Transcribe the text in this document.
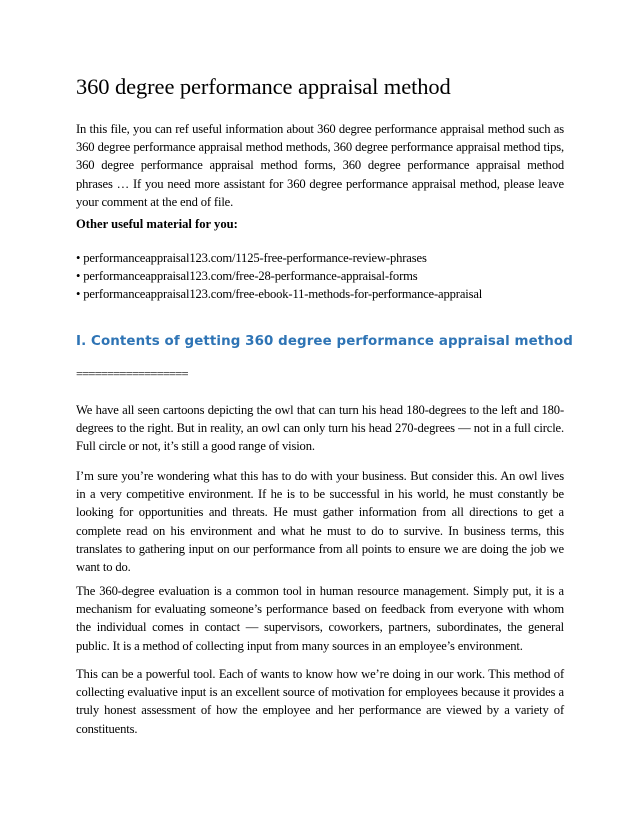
360 degree performance appraisal method

In this file, you can ref useful information about 360 degree performance appraisal method such as 360 degree performance appraisal method methods, 360 degree performance appraisal method tips, 360 degree performance appraisal method forms, 360 degree performance appraisal method phrases … If you need more assistant for 360 degree performance appraisal method, please leave your comment at the end of file.

Other useful material for you:

• performanceappraisal123.com/1125-free-performance-review-phrases
• performanceappraisal123.com/free-28-performance-appraisal-forms
• performanceappraisal123.com/free-ebook-11-methods-for-performance-appraisal
I. Contents of getting 360 degree performance appraisal method

==================

We have all seen cartoons depicting the owl that can turn his head 180-degrees to the left and 180-degrees to the right. But in reality, an owl can only turn his head 270-degrees — not in a full circle. Full circle or not, it’s still a good range of vision.

I’m sure you’re wondering what this has to do with your business. But consider this. An owl lives in a very competitive environment. If he is to be successful in his world, he must constantly be looking for opportunities and threats. He must gather information from all directions to get a complete read on his environment and what he must to do to survive. In business terms, this translates to gathering input on our performance from all points to ensure we are doing the job we want to do.

The 360-degree evaluation is a common tool in human resource management. Simply put, it is a mechanism for evaluating someone’s performance based on feedback from everyone with whom the individual comes in contact — supervisors, coworkers, partners, subordinates, the general public. It is a method of collecting input from many sources in an employee’s environment.

This can be a powerful tool. Each of wants to know how we’re doing in our work. This method of collecting evaluative input is an excellent source of motivation for employees because it provides a truly honest assessment of how the employee and her performance are viewed by a variety of constituents.
